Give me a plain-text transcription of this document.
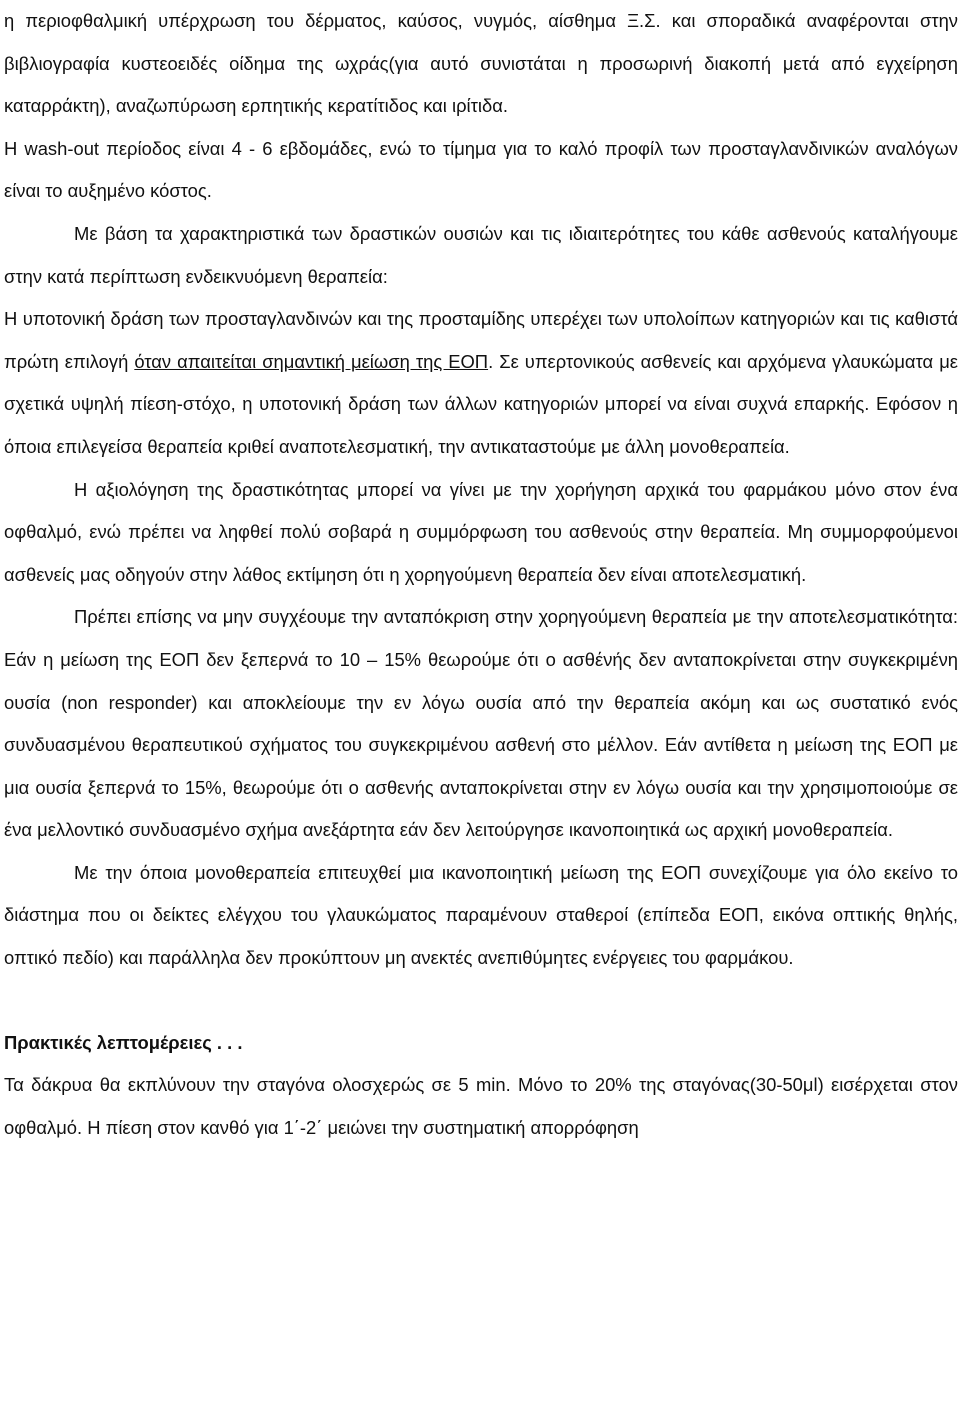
η περιοφθαλμική υπέρχρωση του δέρματος, καύσος, νυγμός, αίσθημα Ξ.Σ. και σποραδικά αναφέρονται στην βιβλιογραφία κυστεοειδές οίδημα της ωχράς(για αυτό συνιστάται η προσωρινή διακοπή μετά από εγχείρηση καταρράκτη), αναζωπύρωση ερπητικής κερατίτιδος και ιρίτιδα.

Η wash-out περίοδος είναι 4 - 6 εβδομάδες, ενώ το τίμημα για το καλό προφίλ των προσταγλανδινικών αναλόγων είναι το αυξημένο κόστος.

Με βάση τα χαρακτηριστικά των δραστικών ουσιών και τις ιδιαιτερότητες του κάθε ασθενούς καταλήγουμε στην κατά περίπτωση ενδεικνυόμενη θεραπεία:

Η υποτονική δράση των προσταγλανδινών και της προσταμίδης υπερέχει των υπολοίπων κατηγοριών και τις καθιστά πρώτη επιλογή όταν απαιτείται σημαντική μείωση της ΕΟΠ. Σε υπερτονικούς ασθενείς και αρχόμενα γλαυκώματα με σχετικά υψηλή πίεση-στόχο, η υποτονική δράση των άλλων κατηγοριών μπορεί να είναι συχνά επαρκής. Εφόσον η όποια επιλεγείσα θεραπεία κριθεί αναποτελεσματική, την αντικαταστούμε με άλλη μονοθεραπεία.

Η αξιολόγηση της δραστικότητας μπορεί να γίνει με την χορήγηση αρχικά του φαρμάκου μόνο στον ένα οφθαλμό, ενώ πρέπει να ληφθεί πολύ σοβαρά η συμμόρφωση του ασθενούς στην θεραπεία. Μη συμμορφούμενοι ασθενείς μας οδηγούν στην λάθος εκτίμηση ότι η χορηγούμενη θεραπεία δεν είναι αποτελεσματική.

Πρέπει επίσης να μην συγχέουμε την ανταπόκριση στην χορηγούμενη θεραπεία με την αποτελεσματικότητα: Εάν η μείωση της ΕΟΠ δεν ξεπερνά το 10 – 15% θεωρούμε ότι ο ασθένής δεν ανταποκρίνεται στην συγκεκριμένη ουσία (non responder) και αποκλείουμε την εν λόγω ουσία από την θεραπεία ακόμη και ως συστατικό ενός συνδυασμένου θεραπευτικού σχήματος του συγκεκριμένου ασθενή στο μέλλον. Εάν αντίθετα η μείωση της ΕΟΠ με μια ουσία ξεπερνά το 15%, θεωρούμε ότι ο ασθενής ανταποκρίνεται στην εν λόγω ουσία και την χρησιμοποιούμε σε ένα μελλοντικό συνδυασμένο σχήμα ανεξάρτητα εάν δεν λειτούργησε ικανοποιητικά ως αρχική μονοθεραπεία.

Με την όποια μονοθεραπεία επιτευχθεί μια ικανοποιητική μείωση της ΕΟΠ συνεχίζουμε για όλο εκείνο το διάστημα που οι δείκτες ελέγχου του γλαυκώματος παραμένουν σταθεροί (επίπεδα ΕΟΠ, εικόνα οπτικής θηλής, οπτικό πεδίο) και παράλληλα δεν προκύπτουν μη ανεκτές ανεπιθύμητες ενέργειες του φαρμάκου.

Πρακτικές λεπτομέρειες . . .

Τα δάκρυα θα εκπλύνουν την σταγόνα ολοσχερώς σε 5 min. Μόνο το 20% της σταγόνας(30-50μl) εισέρχεται στον οφθαλμό. Η πίεση στον κανθό για 1΄-2΄ μειώνει την συστηματική απορρόφηση
